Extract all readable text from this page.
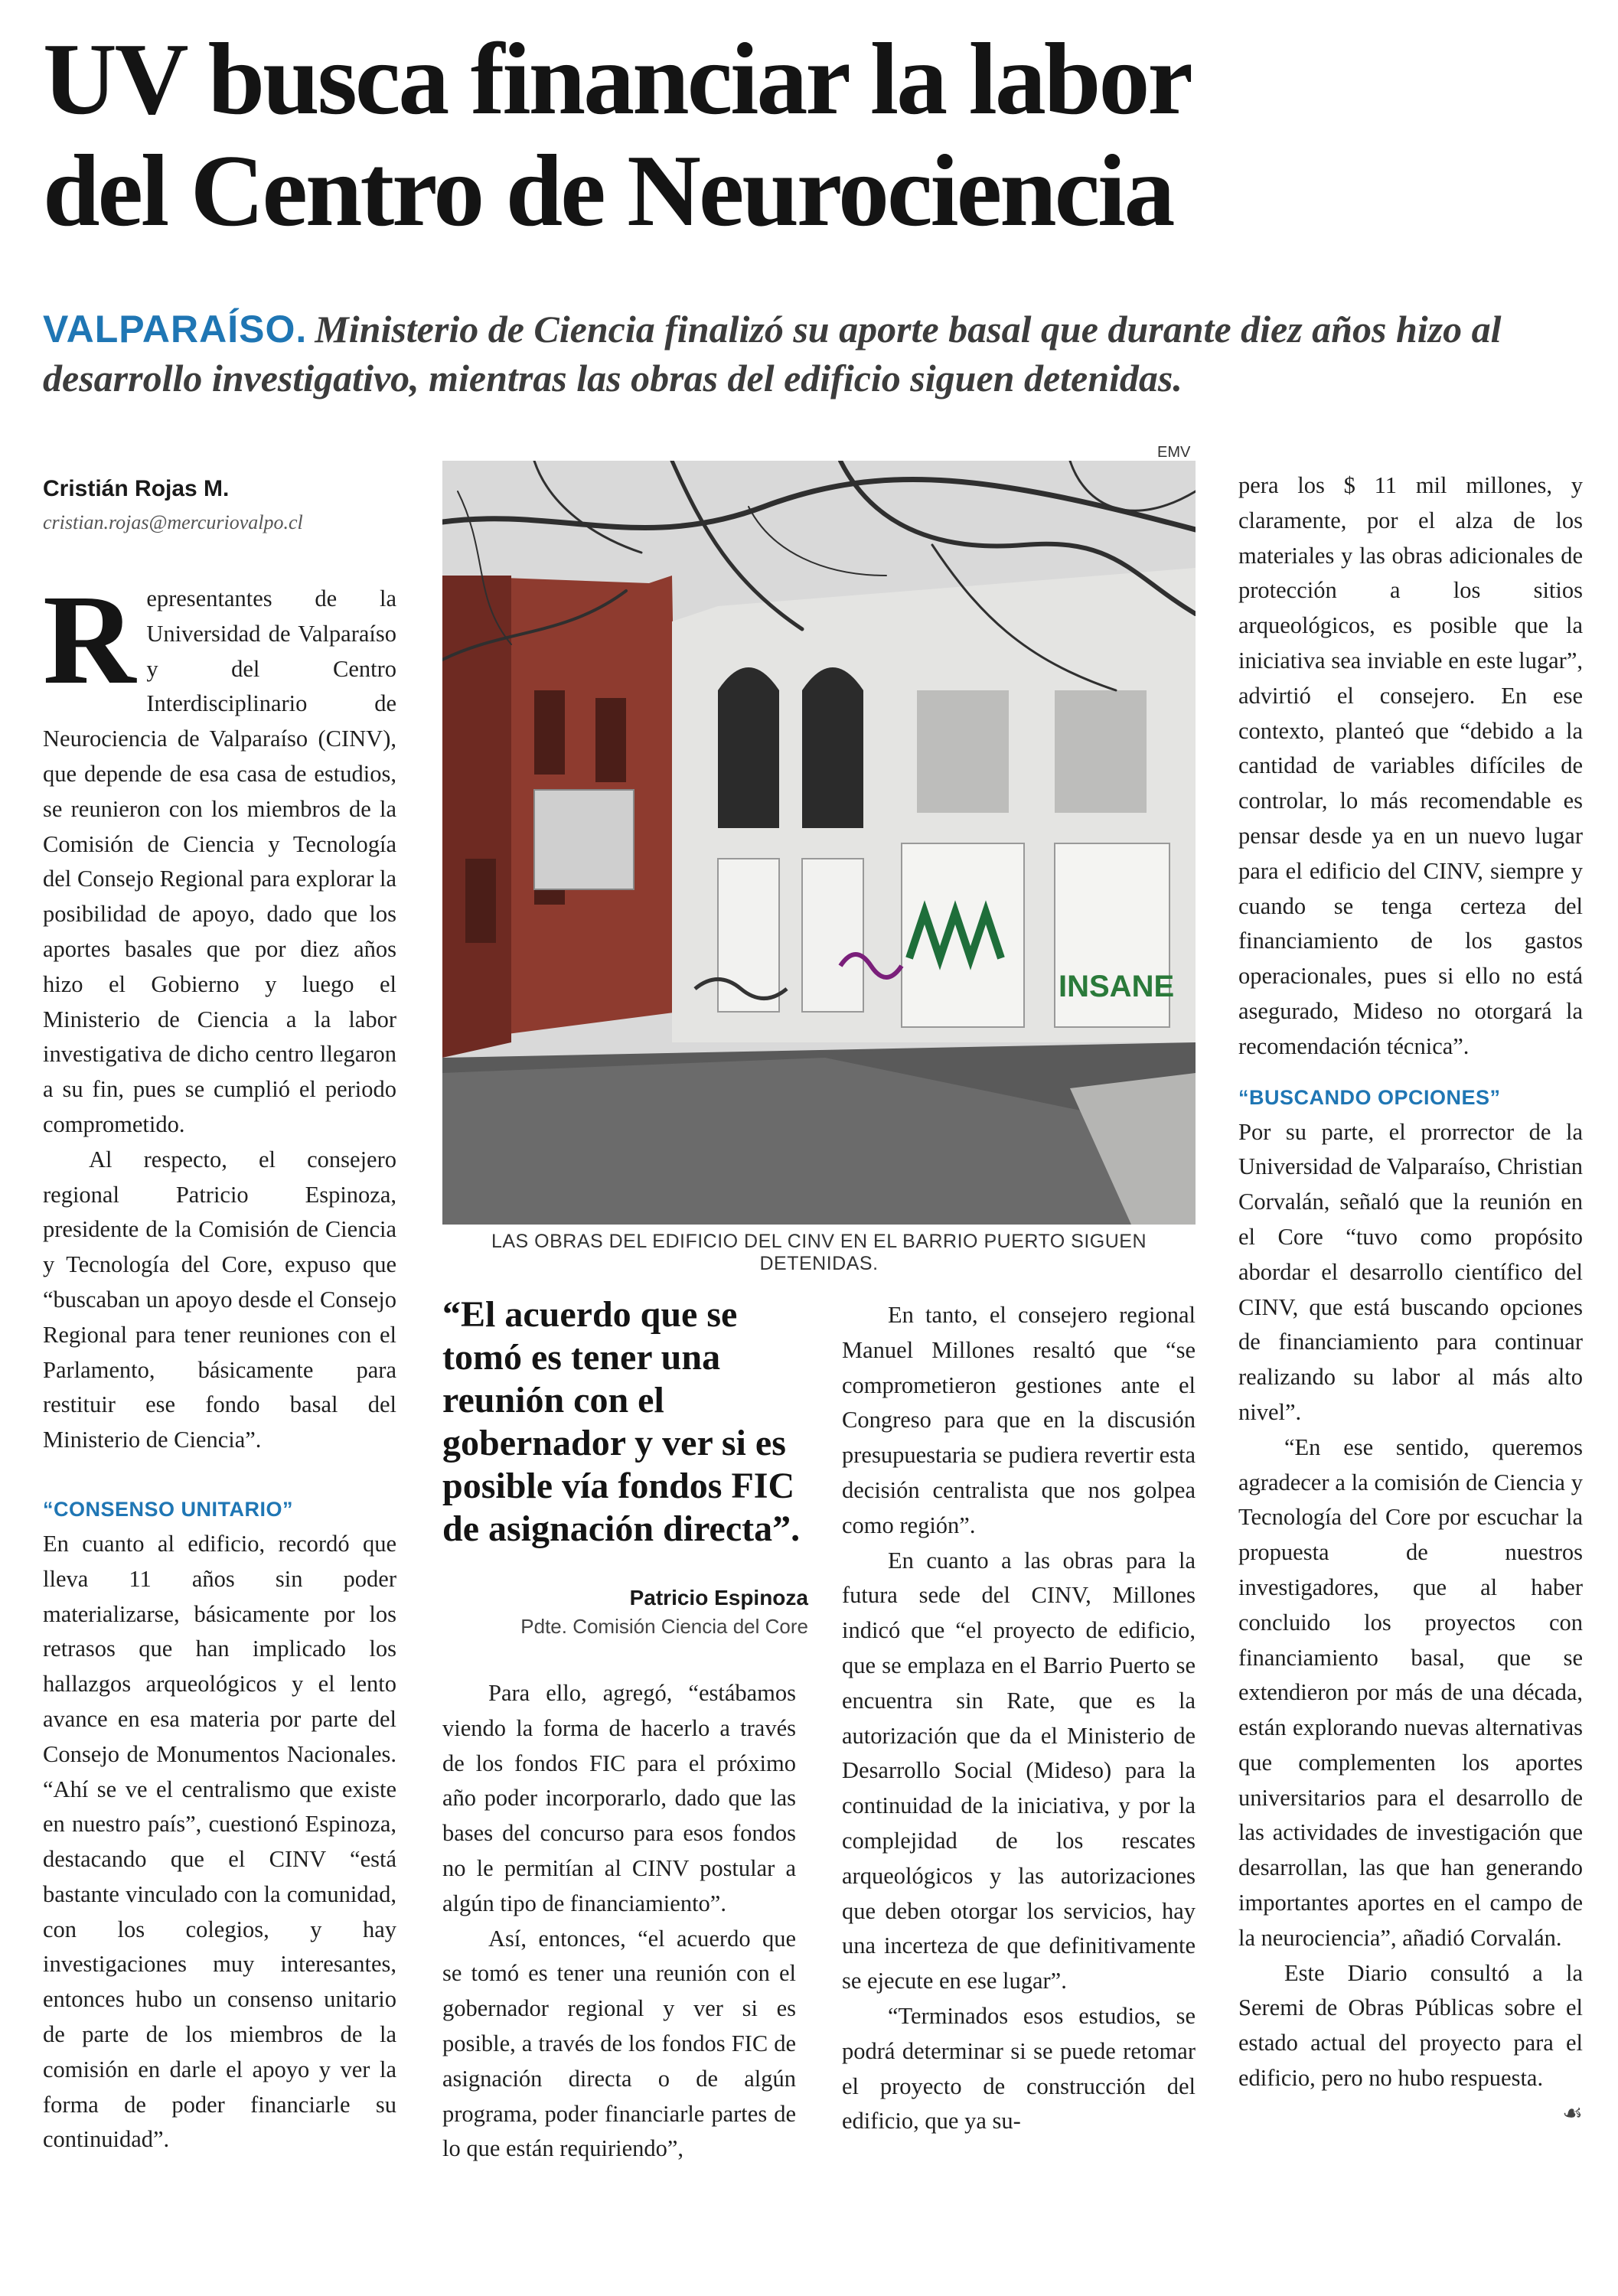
UV busca financiar la labor
del Centro de Neurociencia
VALPARAÍSO. Ministerio de Ciencia finalizó su aporte basal que durante diez años hizo al desarrollo investigativo, mientras las obras del edificio siguen detenidas.
Cristián Rojas M.
cristian.rojas@mercuriovalpo.cl

Representantes de la Universidad de Valparaíso y del Centro Interdisciplinario de Neurociencia de Valparaíso (CINV), que depende de esa casa de estudios, se reunieron con los miembros de la Comisión de Ciencia y Tecnología del Consejo Regional para explorar la posibilidad de apoyo, dado que los aportes basales que por diez años hizo el Gobierno y luego el Ministerio de Ciencia a la labor investigativa de dicho centro llegaron a su fin, pues se cumplió el periodo comprometido.

Al respecto, el consejero regional Patricio Espinoza, presidente de la Comisión de Ciencia y Tecnología del Core, expuso que “buscaban un apoyo desde el Consejo Regional para tener reuniones con el Parlamento, básicamente para restituir ese fondo basal del Ministerio de Ciencia”.

“CONSENSO UNITARIO”

En cuanto al edificio, recordó que lleva 11 años sin poder materializarse, básicamente por los retrasos que han implicado los hallazgos arqueológicos y el lento avance en esa materia por parte del Consejo de Monumentos Nacionales. “Ahí se ve el centralismo que existe en nuestro país”, cuestionó Espinoza, destacando que el CINV “está bastante vinculado con la comunidad, con los colegios, y hay investigaciones muy interesantes, entonces hubo un consenso unitario de parte de los miembros de la comisión en darle el apoyo y ver la forma de poder financiarle su continuidad”.

EMV
INSANE
LAS OBRAS DEL EDIFICIO DEL CINV EN EL BARRIO PUERTO SIGUEN DETENIDAS.
“El acuerdo que se tomó es tener una reunión con el gobernador y ver si es posible vía fondos FIC de asignación directa”.
Patricio Espinoza
Pdte. Comisión Ciencia del Core

Para ello, agregó, “estábamos viendo la forma de hacerlo a través de los fondos FIC para el próximo año poder incorporarlo, dado que las bases del concurso para esos fondos no le permitían al CINV postular a algún tipo de financiamiento”.

Así, entonces, “el acuerdo que se tomó es tener una reunión con el gobernador regional y ver si es posible, a través de los fondos FIC de asignación directa o de algún programa, poder financiarle partes de lo que están requiriendo”,

En tanto, el consejero regional Manuel Millones resaltó que “se comprometieron gestiones ante el Congreso para que en la discusión presupuestaria se pudiera revertir esta decisión centralista que nos golpea como región”.

En cuanto a las obras para la futura sede del CINV, Millones indicó que “el proyecto de edificio, que se emplaza en el Barrio Puerto se encuentra sin Rate, que es la autorización que da el Ministerio de Desarrollo Social (Mideso) para la continuidad de la iniciativa, y por la complejidad de los rescates arqueológicos y las autorizaciones que deben otorgar los servicios, hay una incerteza de que definitivamente se ejecute en ese lugar”.

“Terminados esos estudios, se podrá determinar si se puede retomar el proyecto de construcción del edificio, que ya su-

pera los $ 11 mil millones, y claramente, por el alza de los materiales y las obras adicionales de protección a los sitios arqueológicos, es posible que la iniciativa sea inviable en este lugar”, advirtió el consejero. En ese contexto, planteó que “debido a la cantidad de variables difíciles de controlar, lo más recomendable es pensar desde ya en un nuevo lugar para el edificio del CINV, siempre y cuando se tenga certeza del financiamiento de los gastos operacionales, pues si ello no está asegurado, Mideso no otorgará la recomendación técnica”.

“BUSCANDO OPCIONES”

Por su parte, el prorrector de la Universidad de Valparaíso, Christian Corvalán, señaló que la reunión en el Core “tuvo como propósito abordar el desarrollo científico del CINV, que está buscando opciones de financiamiento para continuar realizando su labor al más alto nivel”.

“En ese sentido, queremos agradecer a la comisión de Ciencia y Tecnología del Core por escuchar la propuesta de nuestros investigadores, que al haber concluido los proyectos con financiamiento basal, que se extendieron por más de una década, están explorando nuevas alternativas que complementen los aportes universitarios para el desarrollo de las actividades de investigación que desarrollan, las que han generando importantes aportes en el campo de la neurociencia”, añadió Corvalán.

Este Diario consultó a la Seremi de Obras Públicas sobre el estado actual del proyecto para el edificio, pero no hubo respuesta.
☙
